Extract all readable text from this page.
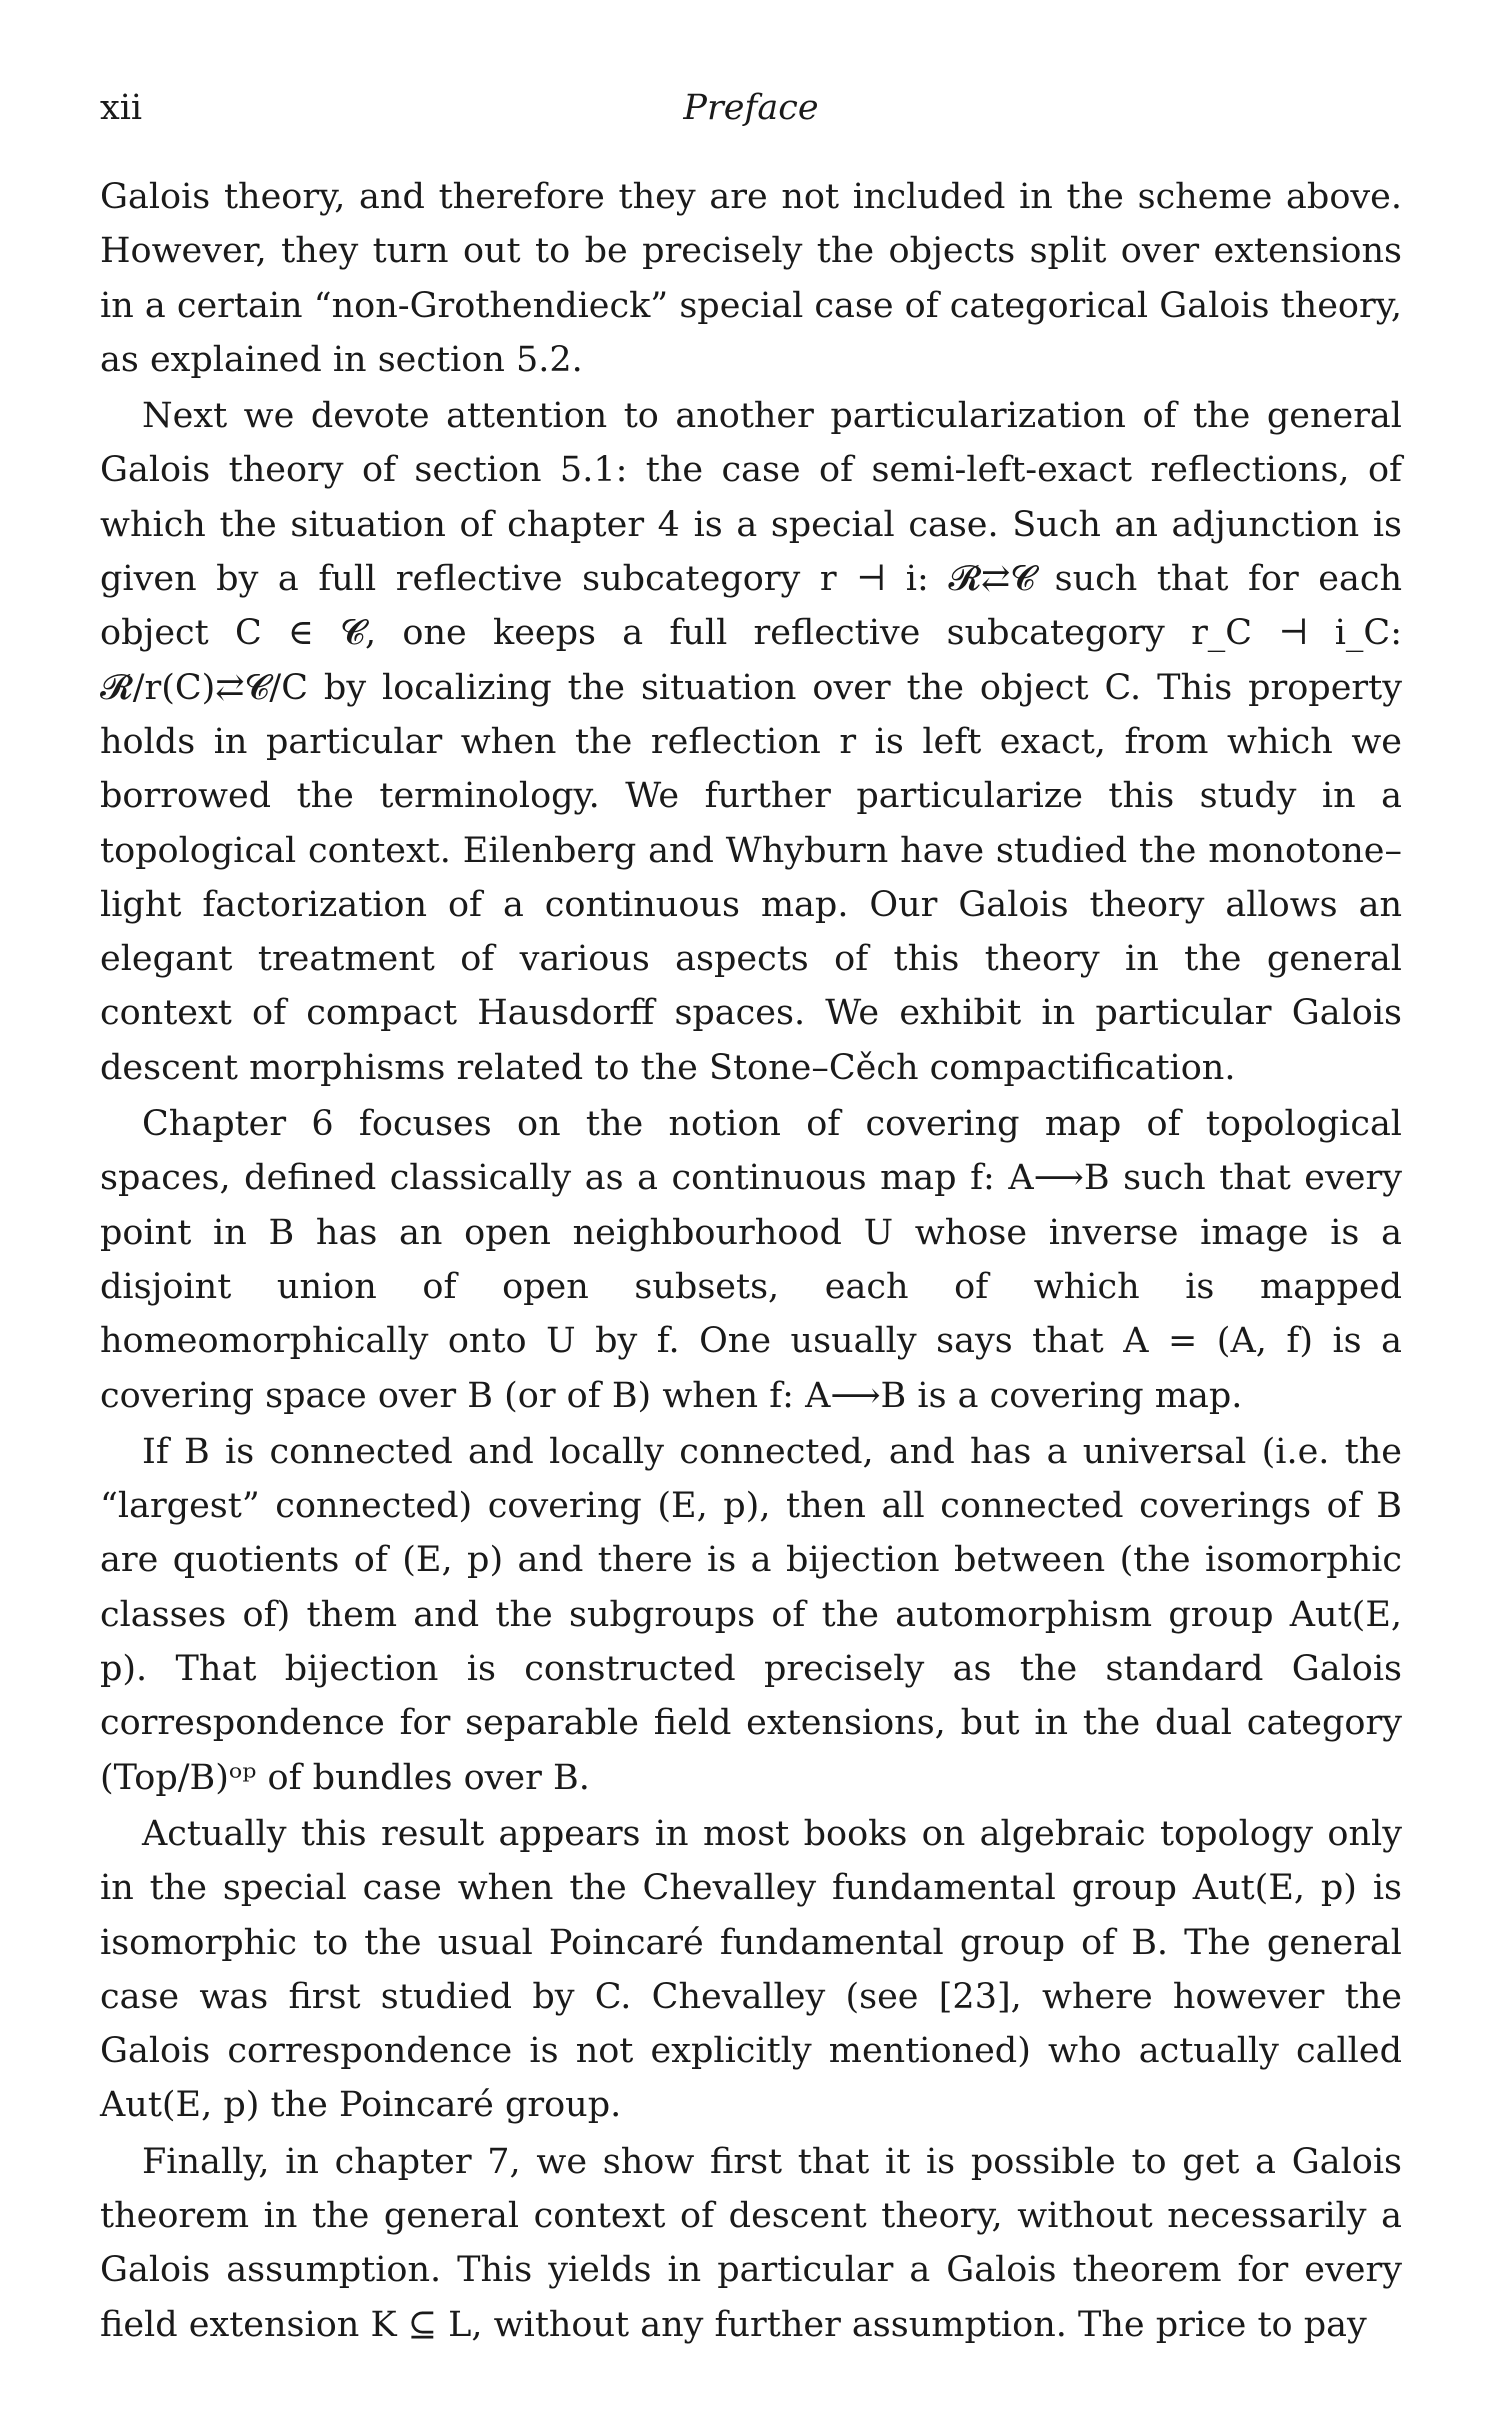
xii	Preface

Galois theory, and therefore they are not included in the scheme above. However, they turn out to be precisely the objects split over extensions in a certain “non-Grothendieck” special case of categorical Galois theory, as explained in section 5.2.

Next we devote attention to another particularization of the general Galois theory of section 5.1: the case of semi-left-exact reflections, of which the situation of chapter 4 is a special case. Such an adjunction is given by a full reflective subcategory r ⊣ i: 𝓡⇄𝓒 such that for each object C ∈ 𝓒, one keeps a full reflective subcategory r_C ⊣ i_C: 𝓡/r(C)⇄𝓒/C by localizing the situation over the object C. This property holds in particular when the reflection r is left exact, from which we borrowed the terminology. We further particularize this study in a topological context. Eilenberg and Whyburn have studied the monotone–light factorization of a continuous map. Our Galois theory allows an elegant treatment of various aspects of this theory in the general context of compact Hausdorff spaces. We exhibit in particular Galois descent morphisms related to the Stone–Cěch compactification.

Chapter 6 focuses on the notion of covering map of topological spaces, defined classically as a continuous map f: A⟶B such that every point in B has an open neighbourhood U whose inverse image is a disjoint union of open subsets, each of which is mapped homeomorphically onto U by f. One usually says that A = (A, f) is a covering space over B (or of B) when f: A⟶B is a covering map.

If B is connected and locally connected, and has a universal (i.e. the “largest” connected) covering (E, p), then all connected coverings of B are quotients of (E, p) and there is a bijection between (the isomorphic classes of) them and the subgroups of the automorphism group Aut(E, p). That bijection is constructed precisely as the standard Galois correspondence for separable field extensions, but in the dual category (Top/B)ᵒᵖ of bundles over B.

Actually this result appears in most books on algebraic topology only in the special case when the Chevalley fundamental group Aut(E, p) is isomorphic to the usual Poincaré fundamental group of B. The general case was first studied by C. Chevalley (see [23], where however the Galois correspondence is not explicitly mentioned) who actually called Aut(E, p) the Poincaré group.

Finally, in chapter 7, we show first that it is possible to get a Galois theorem in the general context of descent theory, without necessarily a Galois assumption. This yields in particular a Galois theorem for every field extension K ⊆ L, without any further assumption. The price to pay
